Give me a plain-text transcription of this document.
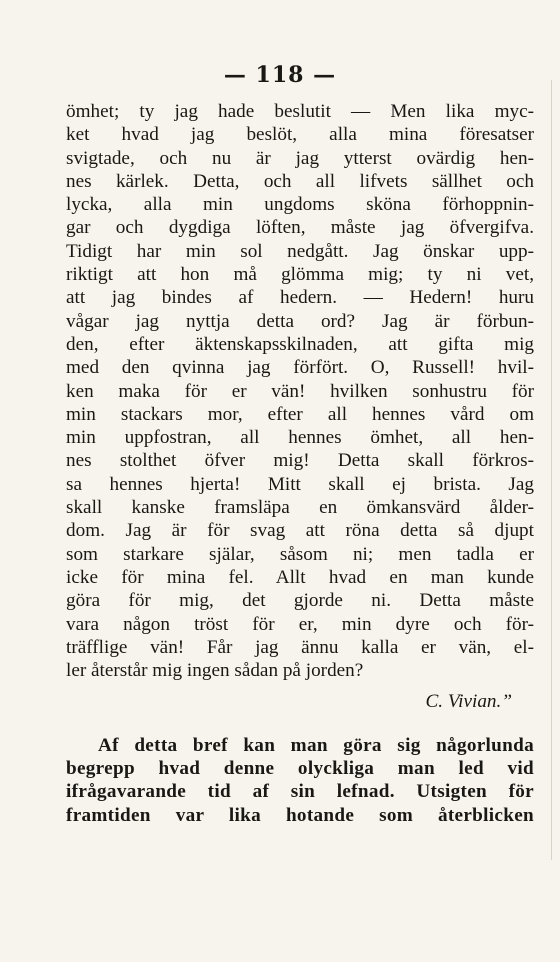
— 118 —
ömhet; ty jag hade beslutit — Men lika myc-
ket hvad jag beslöt, alla mina föresatser
svigtade, och nu är jag ytterst ovärdig hen-
nes kärlek. Detta, och all lifvets sällhet och
lycka, alla min ungdoms sköna förhoppnin-
gar och dygdiga löften, måste jag öfvergifva.
Tidigt har min sol nedgått. Jag önskar upp-
riktigt att hon må glömma mig; ty ni vet,
att jag bindes af hedern. — Hedern! huru
vågar jag nyttja detta ord? Jag är förbun-
den, efter äktenskapsskilnaden, att gifta mig
med den qvinna jag förfört. O, Russell! hvil-
ken maka för er vän! hvilken sonhustru för
min stackars mor, efter all hennes vård om
min uppfostran, all hennes ömhet, all hen-
nes stolthet öfver mig! Detta skall förkros-
sa hennes hjerta! Mitt skall ej brista. Jag
skall kanske framsläpa en ömkansvärd ålder-
dom. Jag är för svag att röna detta så djupt
som starkare själar, såsom ni; men tadla er
icke för mina fel. Allt hvad en man kunde
göra för mig, det gjorde ni. Detta måste
vara någon tröst för er, min dyre och för-
träfflige vän! Får jag ännu kalla er vän, el-
ler återstår mig ingen sådan på jorden?
C. Vivian.”
Af detta bref kan man göra sig någorlunda
begrepp hvad denne olyckliga man led vid
ifrågavarande tid af sin lefnad. Utsigten för
framtiden var lika hotande som återblicken
